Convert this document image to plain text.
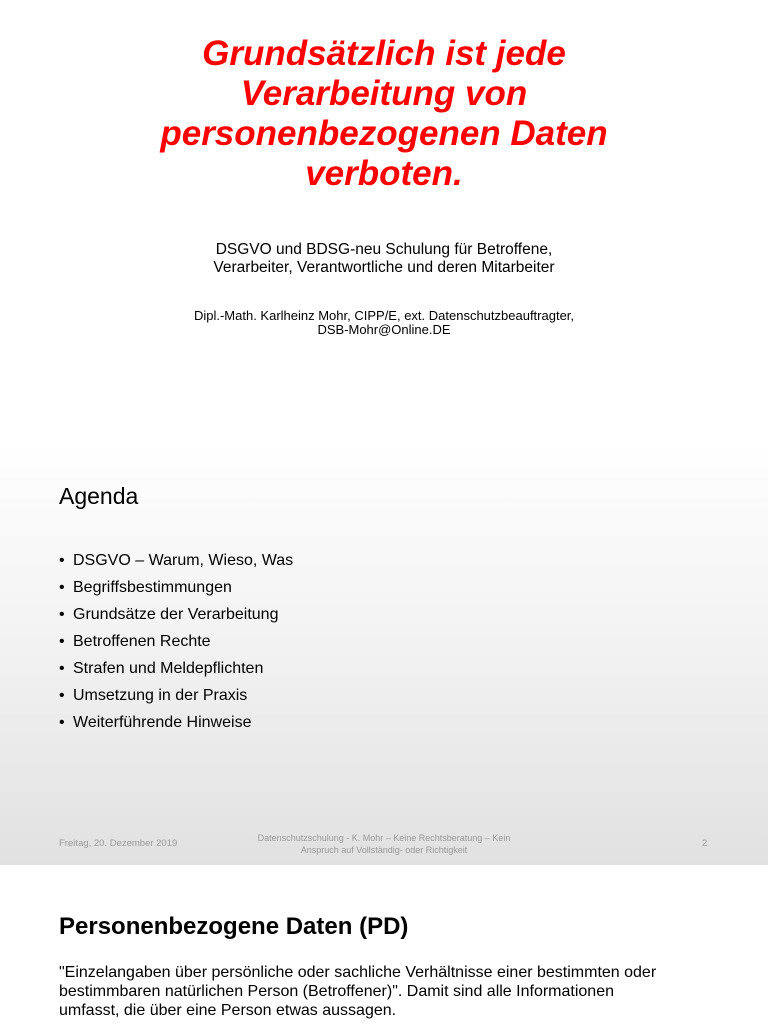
Grundsätzlich ist jede
Verarbeitung von
personenbezogenen Daten
verboten.
DSGVO und BDSG-neu Schulung für Betroffene,
Verarbeiter, Verantwortliche und deren Mitarbeiter
Dipl.-Math. Karlheinz Mohr, CIPP/E, ext. Datenschutzbeauftragter,
DSB-Mohr@Online.DE
Agenda
• DSGVO – Warum, Wieso, Was
• Begriffsbestimmungen
• Grundsätze der Verarbeitung
• Betroffenen Rechte
• Strafen und Meldepflichten
• Umsetzung in der Praxis
• Weiterführende Hinweise
Freitag, 20. Dezember 2019	Datenschutzschulung - K. Mohr – Keine Rechtsberatung – Kein
Anspruch auf Vollständig- oder Richtigkeit
2
Personenbezogene Daten (PD)
"Einzelangaben über persönliche oder sachliche Verhältnisse einer bestimmten oder
bestimmbaren natürlichen Person (Betroffener)". Damit sind alle Informationen
umfasst, die über eine Person etwas aussagen.
